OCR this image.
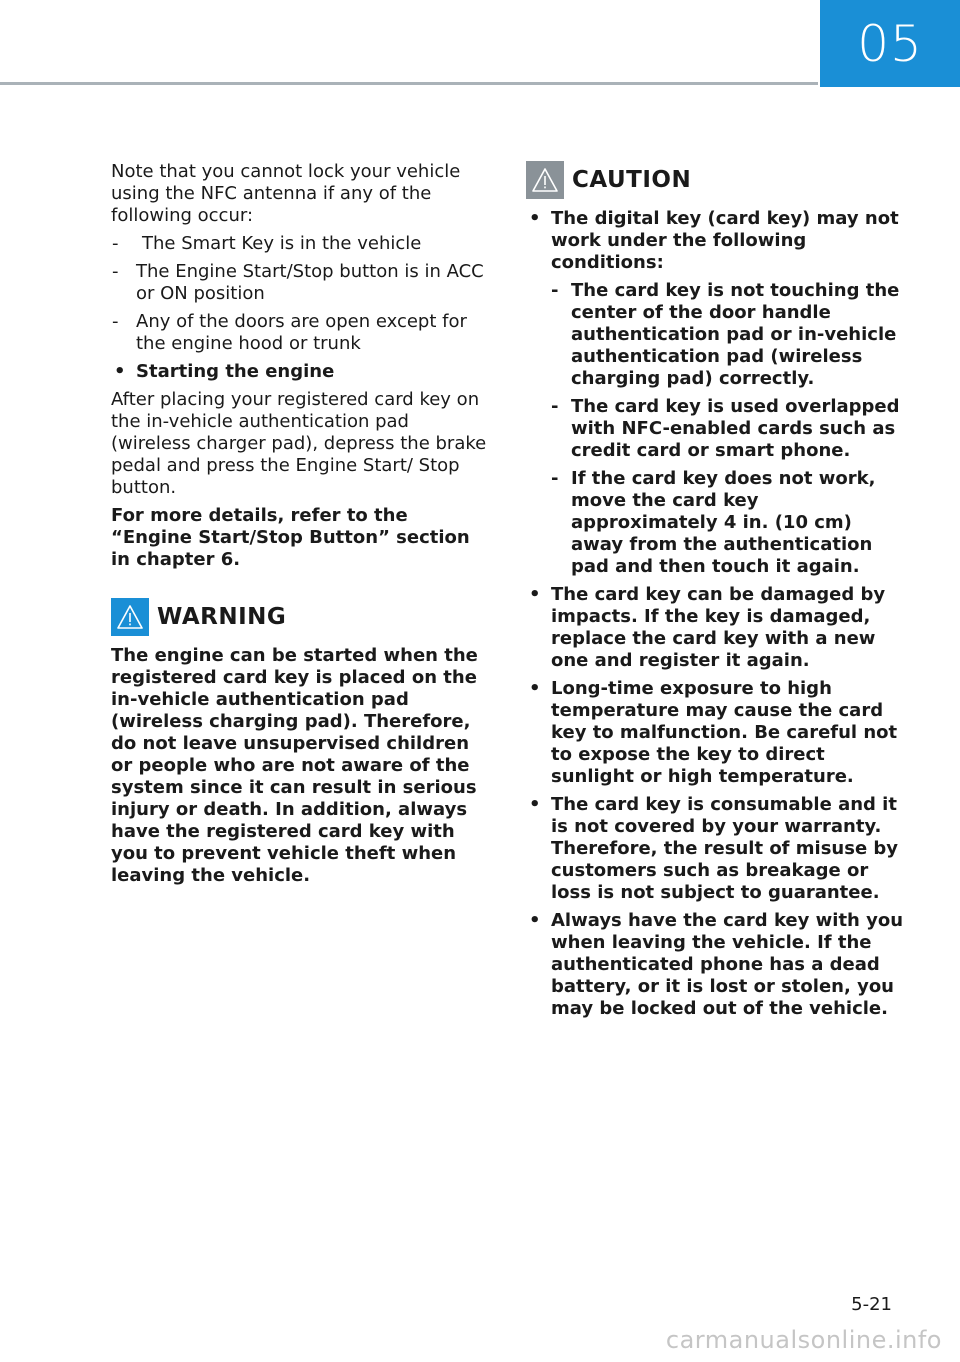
05

Note that you cannot lock your vehicle using the NFC antenna if any of the following occur:

- The Smart Key is in the vehicle
- The Engine Start/Stop button is in ACC or ON position
- Any of the doors are open except for the engine hood or trunk
• Starting the engine

After placing your registered card key on the in-vehicle authentication pad (wireless charger pad), depress the brake pedal and press the Engine Start/ Stop button.

For more details, refer to the “Engine Start/Stop Button” section in chapter 6.

WARNING

The engine can be started when the registered card key is placed on the in-vehicle authentication pad (wireless charging pad). Therefore, do not leave unsupervised children or people who are not aware of the system since it can result in serious injury or death. In addition, always have the registered card key with you to prevent vehicle theft when leaving the vehicle.

CAUTION
• The digital key (card key) may not work under the following conditions:
- The card key is not touching the center of the door handle authentication pad or in-vehicle authentication pad (wireless charging pad) correctly.
- The card key is used overlapped with NFC-enabled cards such as credit card or smart phone.
- If the card key does not work, move the card key approximately 4 in. (10 cm) away from the authentication pad and then touch it again.
• The card key can be damaged by impacts. If the key is damaged, replace the card key with a new one and register it again.
• Long-time exposure to high temperature may cause the card key to malfunction. Be careful not to expose the key to direct sunlight or high temperature.
• The card key is consumable and it is not covered by your warranty. Therefore, the result of misuse by customers such as breakage or loss is not subject to guarantee.
• Always have the card key with you when leaving the vehicle. If the authenticated phone has a dead battery, or it is lost or stolen, you may be locked out of the vehicle.
5-21
carmanualsonline.info
